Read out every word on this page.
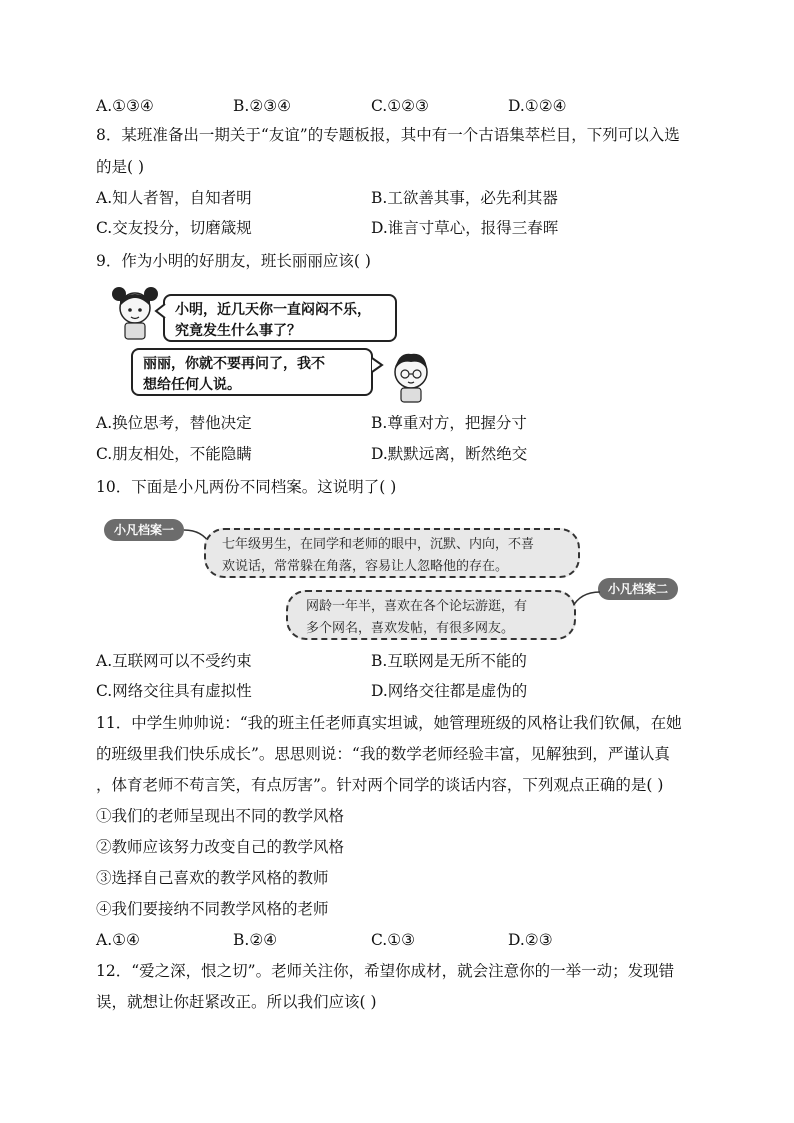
A.①③④	B.②③④	C.①②③	D.①②④
8．某班准备出一期关于“友谊”的专题板报，其中有一个古语集萃栏目，下列可以入选
的是( )
A.知人者智，自知者明	B.工欲善其事，必先利其器
C.交友投分，切磨箴规	D.谁言寸草心，报得三春晖
9．作为小明的好朋友，班长丽丽应该( )
小明，近几天你一直闷闷不乐，
究竟发生什么事了？
丽丽，你就不要再问了，我不
想给任何人说。
A.换位思考，替他决定	B.尊重对方，把握分寸
C.朋友相处，不能隐瞒	D.默默远离，断然绝交
10．下面是小凡两份不同档案。这说明了( )
小凡档案一
七年级男生，在同学和老师的眼中，沉默、内向，不喜
欢说话，常常躲在角落，容易让人忽略他的存在。
小凡档案二
网龄一年半，喜欢在各个论坛游逛，有
多个网名，喜欢发帖，有很多网友。
A.互联网可以不受约束	B.互联网是无所不能的
C.网络交往具有虚拟性	D.网络交往都是虚伪的
11．中学生帅帅说：“我的班主任老师真实坦诚，她管理班级的风格让我们钦佩，在她
的班级里我们快乐成长”。思思则说：“我的数学老师经验丰富，见解独到，严谨认真
，体育老师不苟言笑，有点厉害”。针对两个同学的谈话内容，下列观点正确的是( )
①我们的老师呈现出不同的教学风格
②教师应该努力改变自己的教学风格
③选择自己喜欢的教学风格的教师
④我们要接纳不同教学风格的老师
A.①④	B.②④	C.①③	D.②③
12．“爱之深，恨之切”。老师关注你，希望你成材，就会注意你的一举一动；发现错
误，就想让你赶紧改正。所以我们应该( )
